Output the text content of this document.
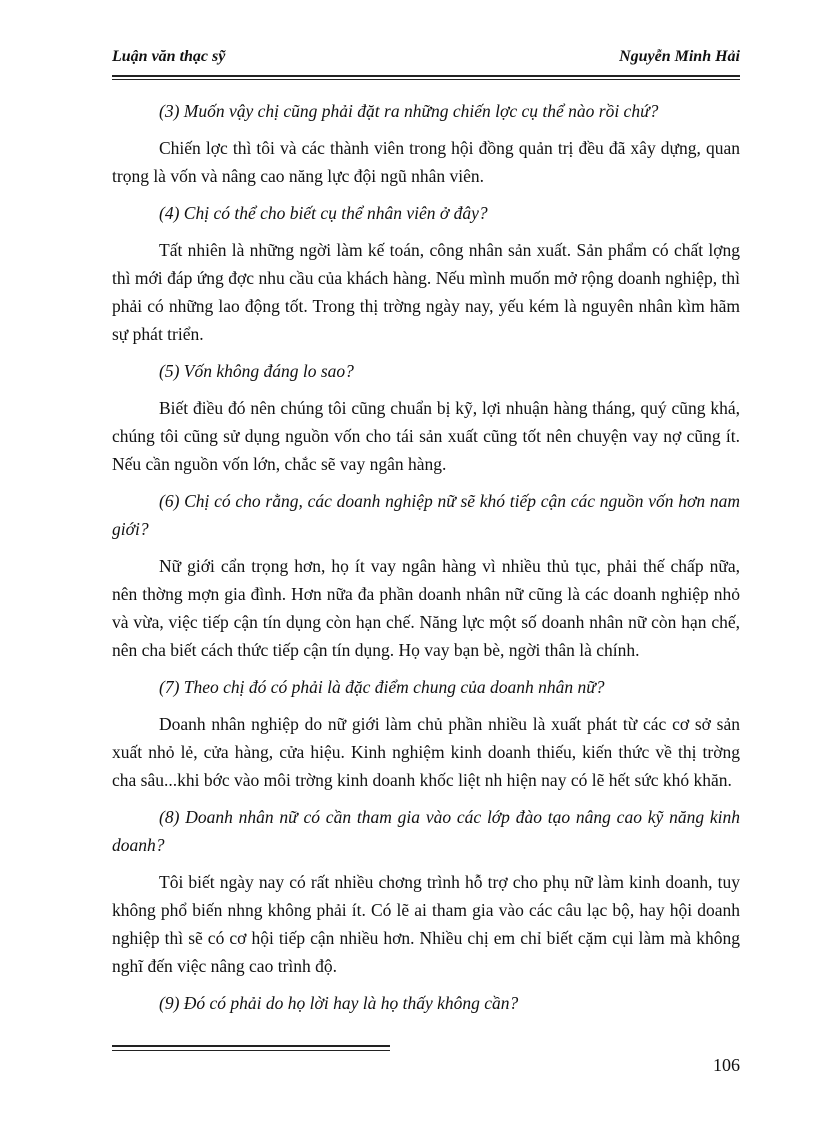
Luận văn thạc sỹ	Nguyễn Minh Hải

(3) Muốn vậy chị cũng phải đặt ra những chiến lợc cụ thể nào rồi chứ?

Chiến lợc thì tôi và các thành viên trong hội đồng quản trị đều đã xây dựng, quan trọng là vốn và nâng cao năng lực đội ngũ nhân viên.

(4) Chị có thể cho biết cụ thể nhân viên ở đây?

Tất nhiên là những ngời làm kế toán, công nhân sản xuất. Sản phẩm có chất lợng thì mới đáp ứng đợc nhu cầu của khách hàng. Nếu mình muốn mở rộng doanh nghiệp, thì phải có những lao động tốt. Trong thị trờng ngày nay, yếu kém là nguyên nhân kìm hãm sự phát triển.

(5) Vốn không đáng lo sao?

Biết điều đó nên chúng tôi cũng chuẩn bị kỹ, lợi nhuận hàng tháng, quý cũng khá, chúng tôi cũng sử dụng nguồn vốn cho tái sản xuất cũng tốt nên chuyện vay nợ cũng ít. Nếu cần nguồn vốn lớn, chắc sẽ vay ngân hàng.

(6) Chị có cho rằng, các doanh nghiệp nữ sẽ khó tiếp cận các nguồn vốn hơn nam giới?

Nữ giới cẩn trọng hơn, họ ít vay ngân hàng vì nhiều thủ tục, phải thế chấp nữa, nên thờng mợn gia đình. Hơn nữa đa phần doanh nhân nữ cũng là các doanh nghiệp nhỏ và vừa, việc tiếp cận tín dụng còn hạn chế. Năng lực một số doanh nhân nữ còn hạn chế, nên cha biết cách thức tiếp cận tín dụng. Họ vay bạn bè, ngời thân là chính.

(7) Theo chị đó có phải là đặc điểm chung của doanh nhân nữ?

Doanh nhân nghiệp do nữ giới làm chủ phần nhiều là xuất phát từ các cơ sở sản xuất nhỏ lẻ, cửa hàng, cửa hiệu. Kinh nghiệm kinh doanh thiếu, kiến thức về thị trờng cha sâu...khi bớc vào môi trờng kinh doanh khốc liệt nh hiện nay có lẽ hết sức khó khăn.

(8) Doanh nhân nữ có cần tham gia vào các lớp đào tạo nâng cao kỹ năng kinh doanh?

Tôi biết ngày nay có rất nhiều chơng trình hỗ trợ cho phụ nữ làm kinh doanh, tuy không phổ biến nhng không phải ít. Có lẽ ai tham gia vào các câu lạc bộ, hay hội doanh nghiệp thì sẽ có cơ hội tiếp cận nhiều hơn. Nhiều chị em chỉ biết cặm cụi làm mà không nghĩ đến việc nâng cao trình độ.

(9) Đó có phải do họ lời hay là họ thấy không cần?

106
